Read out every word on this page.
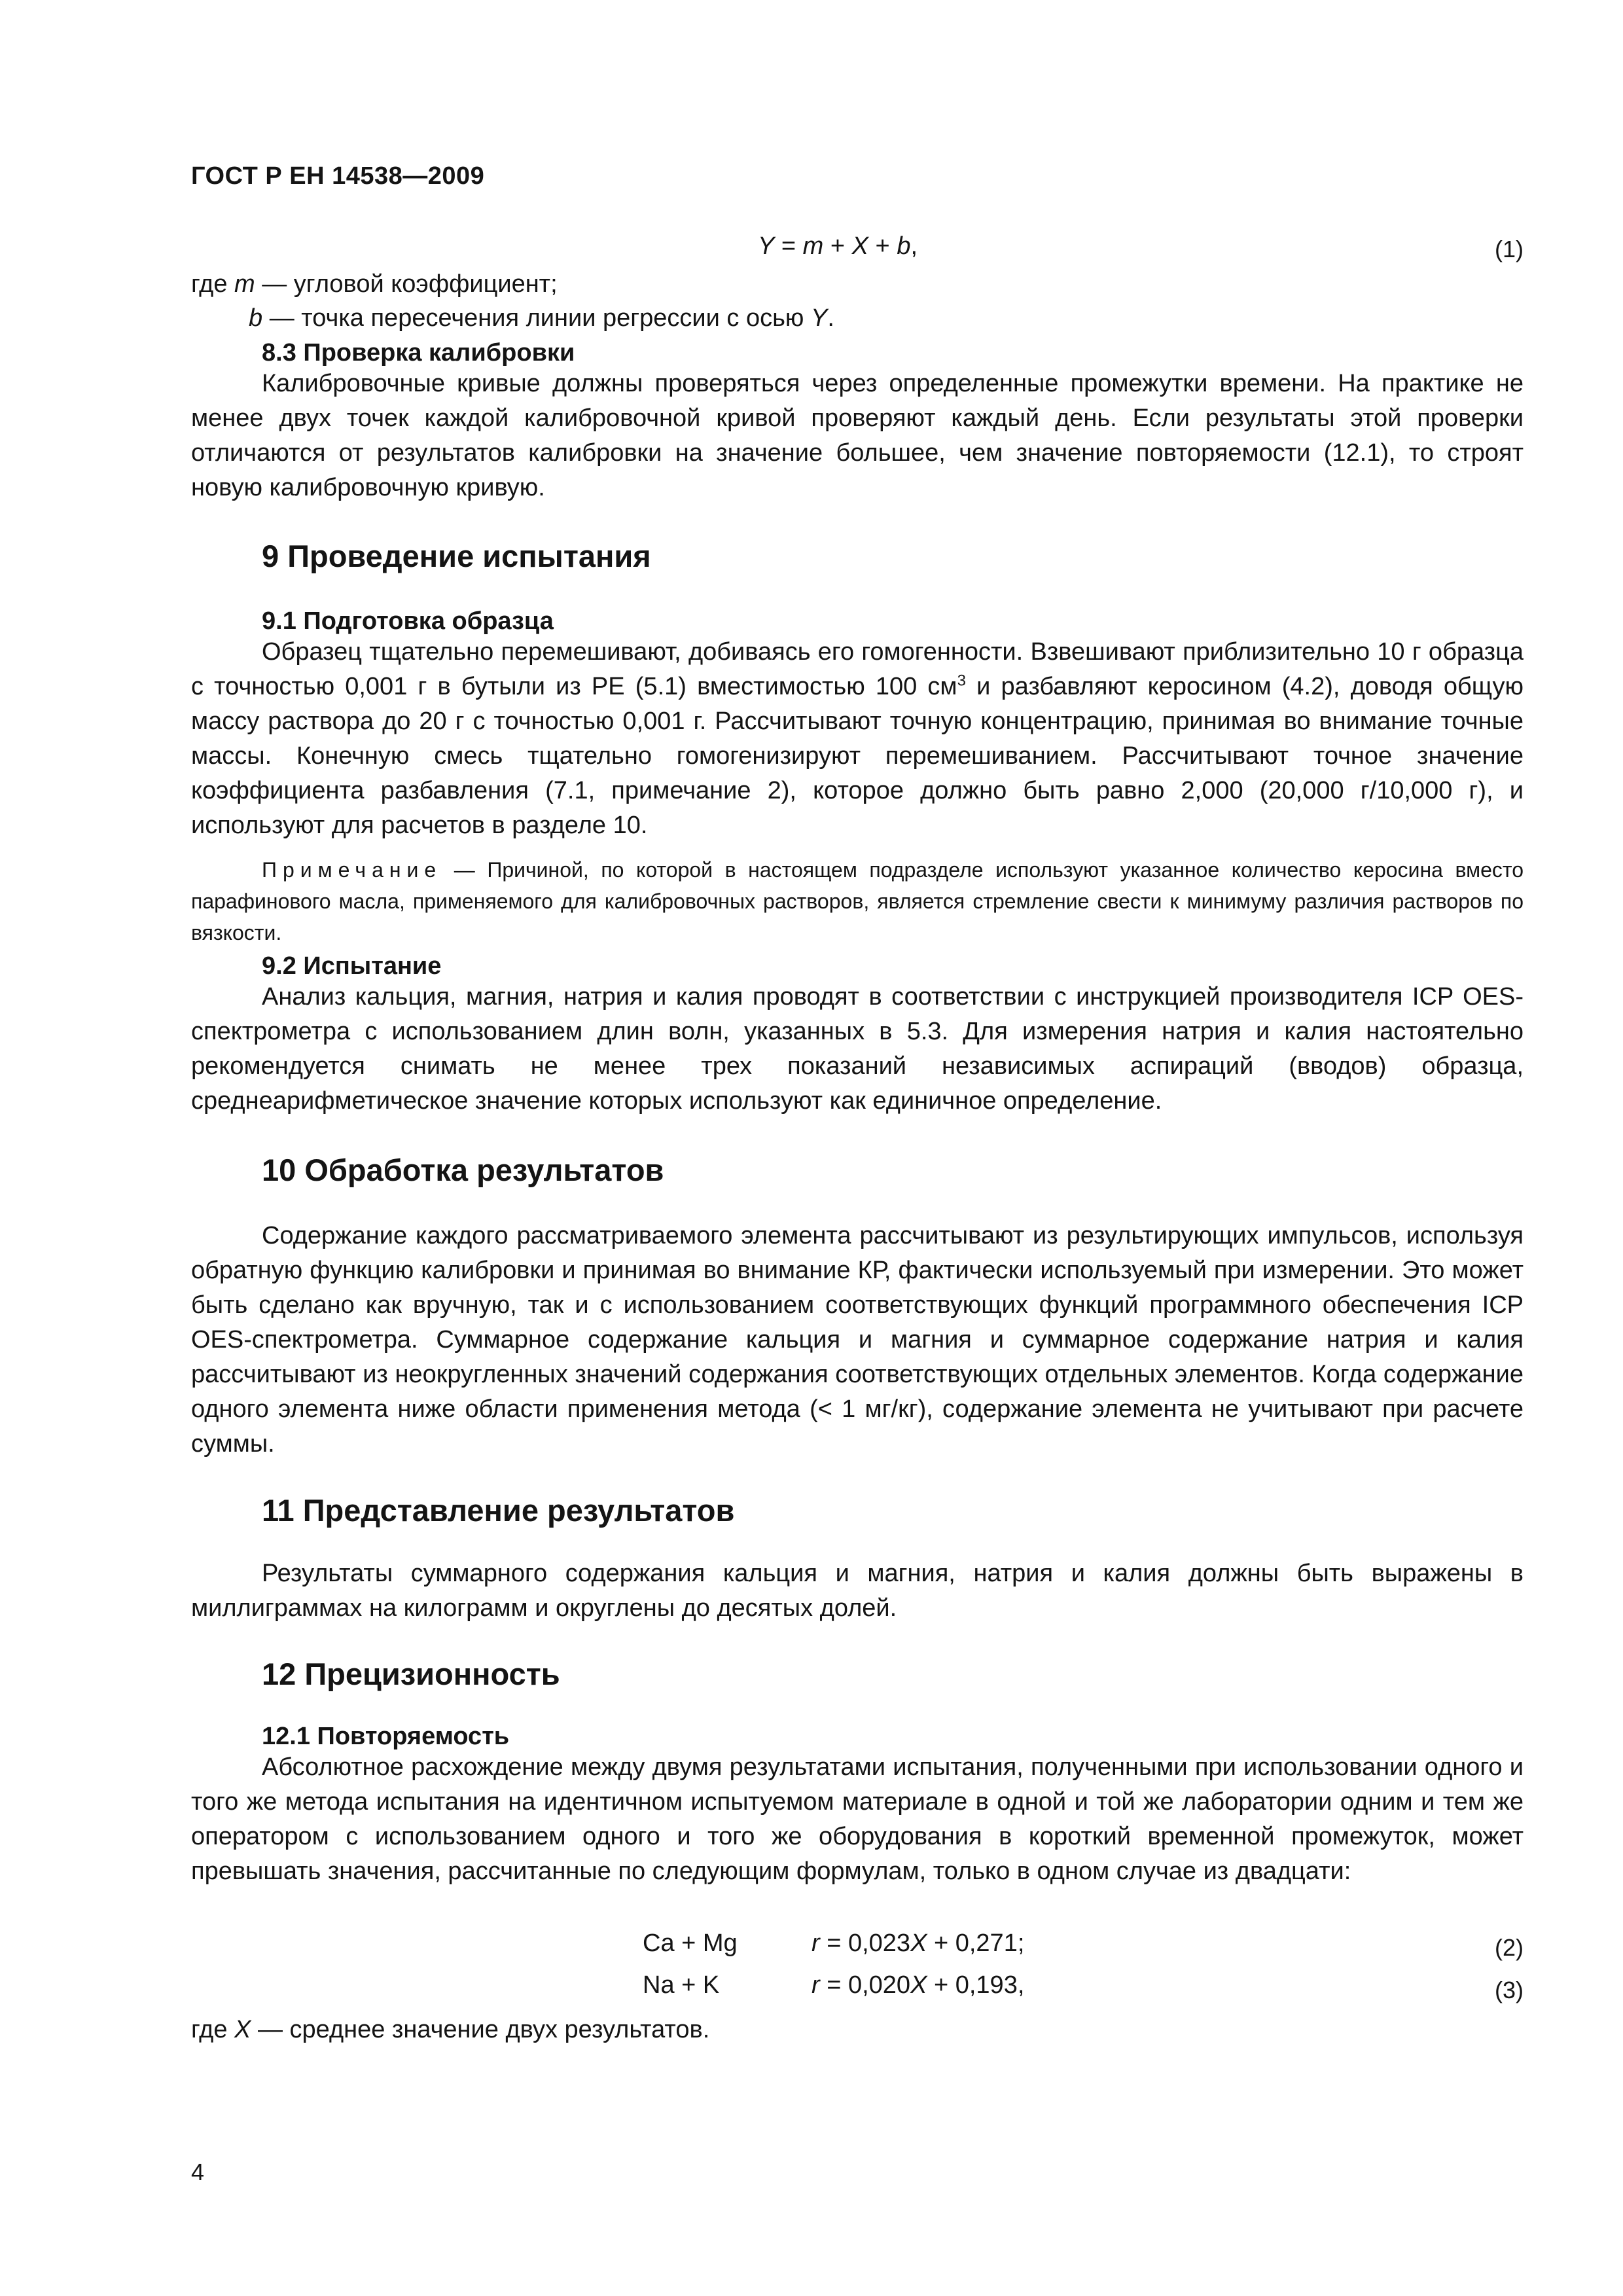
ГОСТ Р ЕН 14538—2009
Y = m + X + b,	(1)
где m — угловой коэффициент;
b — точка пересечения линии регрессии с осью Y.
8.3 Проверка калибровки

Калибровочные кривые должны проверяться через определенные промежутки времени. На практике не менее двух точек каждой калибровочной кривой проверяют каждый день. Если результаты этой проверки отличаются от результатов калибровки на значение большее, чем значение повторяемости (12.1), то строят новую калибровочную кривую.

9 Проведение испытания
9.1 Подготовка образца

Образец тщательно перемешивают, добиваясь его гомогенности. Взвешивают приблизительно 10 г образца с точностью 0,001 г в бутыли из PE (5.1) вместимостью 100 $см^3$ и разбавляют керосином (4.2), доводя общую массу раствора до 20 г с точностью 0,001 г. Рассчитывают точную концентрацию, принимая во внимание точные массы. Конечную смесь тщательно гомогенизируют перемешиванием. Рассчитывают точное значение коэффициента разбавления (7.1, примечание 2), которое должно быть равно 2,000 (20,000 г/10,000 г), и используют для расчетов в разделе 10.

Примечание — Причиной, по которой в настоящем подразделе используют указанное количество керосина вместо парафинового масла, применяемого для калибровочных растворов, является стремление свести к минимуму различия растворов по вязкости.

9.2 Испытание

Анализ кальция, магния, натрия и калия проводят в соответствии с инструкцией производителя ICP OES-спектрометра с использованием длин волн, указанных в 5.3. Для измерения натрия и калия настоятельно рекомендуется снимать не менее трех показаний независимых аспираций (вводов) образца, среднеарифметическое значение которых используют как единичное определение.

10 Обработка результатов

Содержание каждого рассматриваемого элемента рассчитывают из результирующих импульсов, используя обратную функцию калибровки и принимая во внимание КР, фактически используемый при измерении. Это может быть сделано как вручную, так и с использованием соответствующих функций программного обеспечения ICP OES-спектрометра. Суммарное содержание кальция и магния и суммарное содержание натрия и калия рассчитывают из неокругленных значений содержания соответствующих отдельных элементов. Когда содержание одного элемента ниже области применения метода (< 1 мг/кг), содержание элемента не учитывают при расчете суммы.

11 Представление результатов

Результаты суммарного содержания кальция и магния, натрия и калия должны быть выражены в миллиграммах на килограмм и округлены до десятых долей.

12 Прецизионность
12.1 Повторяемость

Абсолютное расхождение между двумя результатами испытания, полученными при использовании одного и того же метода испытания на идентичном испытуемом материале в одной и той же лаборатории одним и тем же оператором с использованием одного и того же оборудования в короткий временной промежуток, может превышать значения, рассчитанные по следующим формулам, только в одном случае из двадцати:

Ca + Mg	r = 0,023X + 0,271;	(2)
Na + K	r = 0,020X + 0,193,	(3)
где X — среднее значение двух результатов.
4
